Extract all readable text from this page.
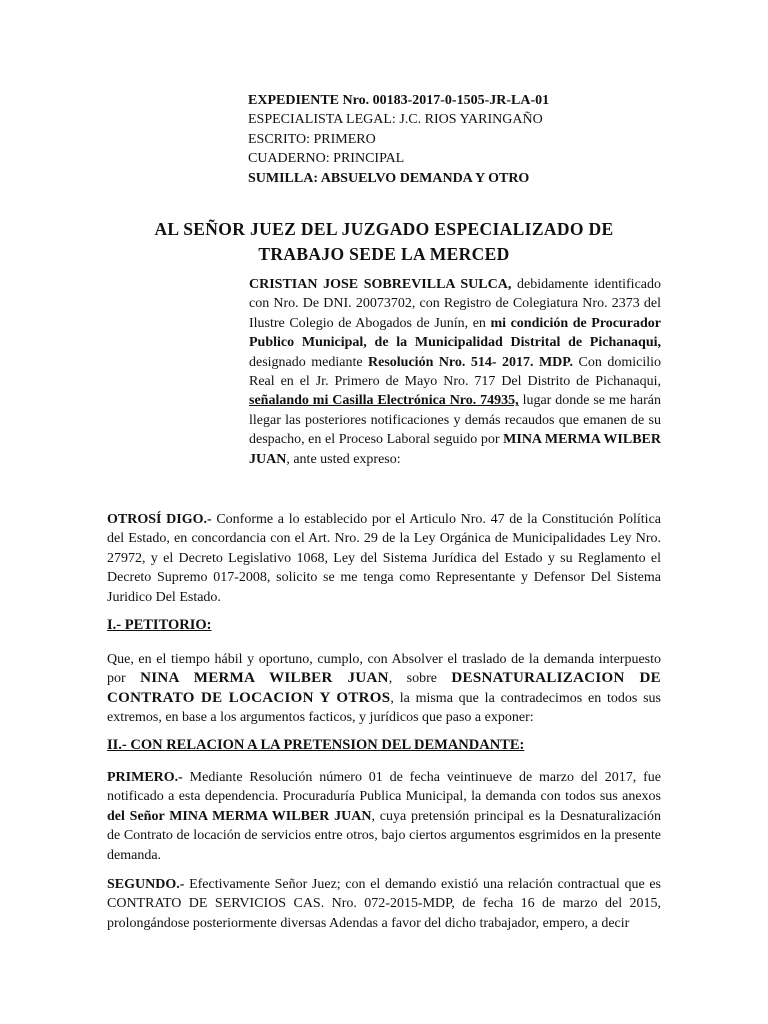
EXPEDIENTE Nro. 00183-2017-0-1505-JR-LA-01
ESPECIALISTA LEGAL: J.C. RIOS YARINGAÑO
ESCRITO: PRIMERO
CUADERNO: PRINCIPAL
SUMILLA: ABSUELVO DEMANDA Y OTRO
AL SEÑOR JUEZ DEL JUZGADO ESPECIALIZADO DE
TRABAJO SEDE LA MERCED
CRISTIAN JOSE SOBREVILLA SULCA, debidamente identificado con Nro. De DNI. 20073702, con Registro de Colegiatura Nro. 2373 del Ilustre Colegio de Abogados de Junín, en mi condición de Procurador Publico Municipal, de la Municipalidad Distrital de Pichanaqui, designado mediante Resolución Nro. 514- 2017. MDP. Con domicilio Real en el Jr. Primero de Mayo Nro. 717 Del Distrito de Pichanaqui, señalando mi Casilla Electrónica Nro. 74935, lugar donde se me harán llegar las posteriores notificaciones y demás recaudos que emanen de su despacho, en el Proceso Laboral seguido por MINA MERMA WILBER JUAN, ante usted expreso:
OTROSÍ DIGO.- Conforme a lo establecido por el Articulo Nro. 47 de la Constitución Política del Estado, en concordancia con el Art. Nro. 29 de la Ley Orgánica de Municipalidades Ley Nro. 27972, y el Decreto Legislativo 1068, Ley del Sistema Jurídica del Estado y su Reglamento el Decreto Supremo 017-2008, solicito se me tenga como Representante y Defensor Del Sistema Juridico Del Estado.
I.- PETITORIO:
Que, en el tiempo hábil y oportuno, cumplo, con Absolver el traslado de la demanda interpuesto por NINA MERMA WILBER JUAN, sobre DESNATURALIZACION DE CONTRATO DE LOCACION Y OTROS, la misma que la contradecimos en todos sus extremos, en base a los argumentos facticos, y jurídicos que paso a exponer:
II.- CON RELACION A LA PRETENSION DEL DEMANDANTE:
PRIMERO.- Mediante Resolución número 01 de fecha veintinueve de marzo del 2017, fue notificado a esta dependencia. Procuraduría Publica Municipal, la demanda con todos sus anexos del Señor MINA MERMA WILBER JUAN, cuya pretensión principal es la Desnaturalización de Contrato de locación de servicios entre otros, bajo ciertos argumentos esgrimidos en la presente demanda.
SEGUNDO.- Efectivamente Señor Juez; con el demando existió una relación contractual que es CONTRATO DE SERVICIOS CAS. Nro. 072-2015-MDP, de fecha 16 de marzo del 2015, prolongándose posteriormente diversas Adendas a favor del dicho trabajador, empero, a decir
